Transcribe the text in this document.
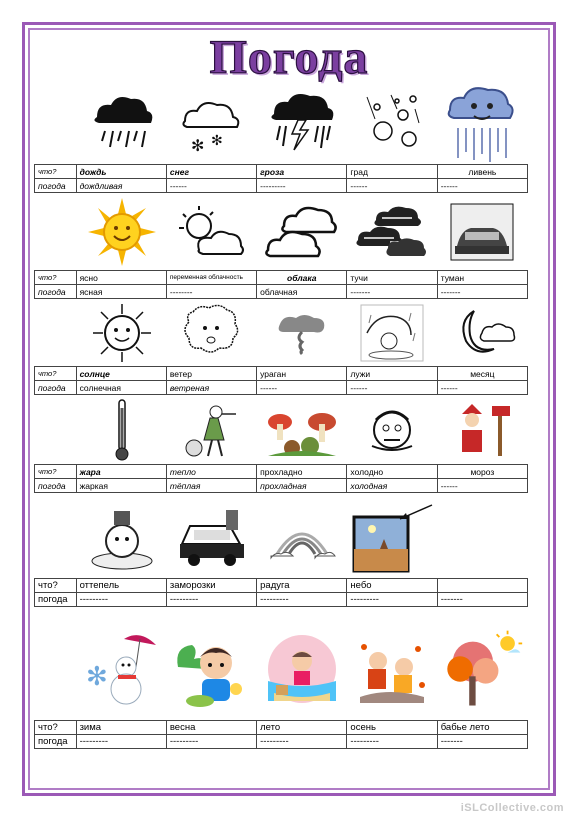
Погода
✻ ✻
что?	дождь	снег	гроза	град	ливень
погода	дождливая	------	---------	------	------
что?	ясно	переменная облачность	облака	тучи	туман
погода	ясная	--------	облачная	-------	-------
что?	солнце	ветер	ураган	лужи	месяц
погода	солнечная	ветреная	------	------	------
что?	жара	тепло	прохладно	холодно	мороз
погода	жаркая	тёплая	прохладная	холодная	------
что?	оттепель	заморозки	радуга	небо	
погода	---------	---------	---------	---------	-------
✻
что?	зима	весна	лето	осень	бабье лето
погода	---------	---------	---------	---------	-------
iSLCollective.com
